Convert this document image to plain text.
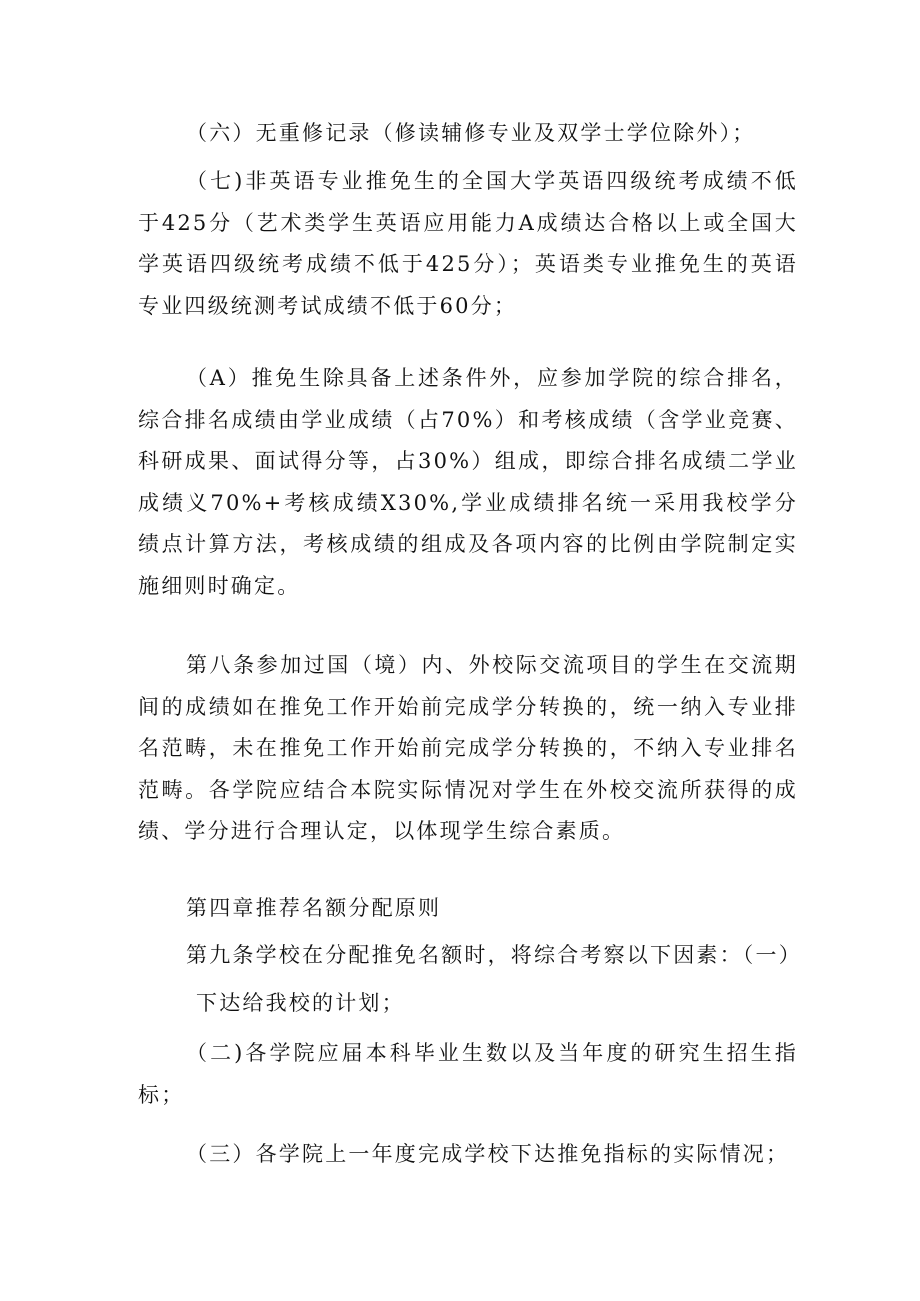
（六）无重修记录（修读辅修专业及双学士学位除外）；

（七)非英语专业推免生的全国大学英语四级统考成绩不低于425分（艺术类学生英语应用能力A成绩达合格以上或全国大学英语四级统考成绩不低于425分）；英语类专业推免生的英语专业四级统测考试成绩不低于60分；

（A）推免生除具备上述条件外，应参加学院的综合排名，综合排名成绩由学业成绩（占70%）和考核成绩（含学业竞赛、科研成果、面试得分等，占30%）组成，即综合排名成绩二学业成绩义70%+考核成绩X30%,学业成绩排名统一采用我校学分绩点计算方法，考核成绩的组成及各项内容的比例由学院制定实施细则时确定。

第八条参加过国（境）内、外校际交流项目的学生在交流期间的成绩如在推免工作开始前完成学分转换的，统一纳入专业排名范畴，未在推免工作开始前完成学分转换的，不纳入专业排名范畴。各学院应结合本院实际情况对学生在外校交流所获得的成绩、学分进行合理认定，以体现学生综合素质。

第四章推荐名额分配原则

第九条学校在分配推免名额时，将综合考察以下因素：（一）

下达给我校的计划；

（二)各学院应届本科毕业生数以及当年度的研究生招生指标；

（三）各学院上一年度完成学校下达推免指标的实际情况；
